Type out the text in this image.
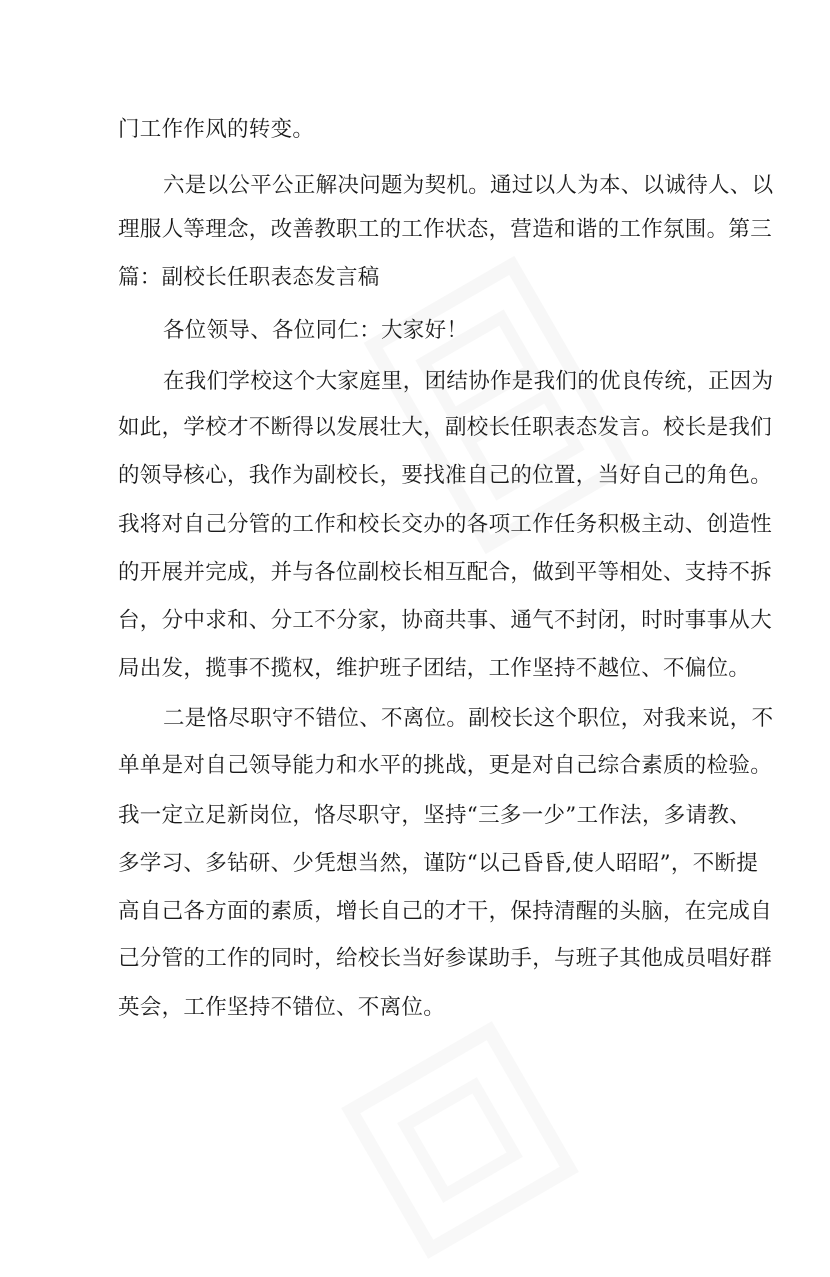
门工作作风的转变。
六是以公平公正解决问题为契机。通过以人为本、以诚待人、以
理服人等理念，改善教职工的工作状态，营造和谐的工作氛围。第三
篇：副校长任职表态发言稿
各位领导、各位同仁：大家好！
在我们学校这个大家庭里，团结协作是我们的优良传统，正因为
如此，学校才不断得以发展壮大，副校长任职表态发言。校长是我们
的领导核心，我作为副校长，要找准自己的位置，当好自己的角色。
我将对自己分管的工作和校长交办的各项工作任务积极主动、创造性
的开展并完成，并与各位副校长相互配合，做到平等相处、支持不拆
台，分中求和、分工不分家，协商共事、通气不封闭，时时事事从大
局出发，揽事不揽权，维护班子团结，工作坚持不越位、不偏位。
二是恪尽职守不错位、不离位。副校长这个职位，对我来说，不
单单是对自己领导能力和水平的挑战，更是对自己综合素质的检验。
我一定立足新岗位，恪尽职守，坚持“三多一少”工作法，多请教、
多学习、多钻研、少凭想当然，谨防“以己昏昏,使人昭昭”，不断提
高自己各方面的素质，增长自己的才干，保持清醒的头脑，在完成自
己分管的工作的同时，给校长当好参谋助手，与班子其他成员唱好群
英会，工作坚持不错位、不离位。
